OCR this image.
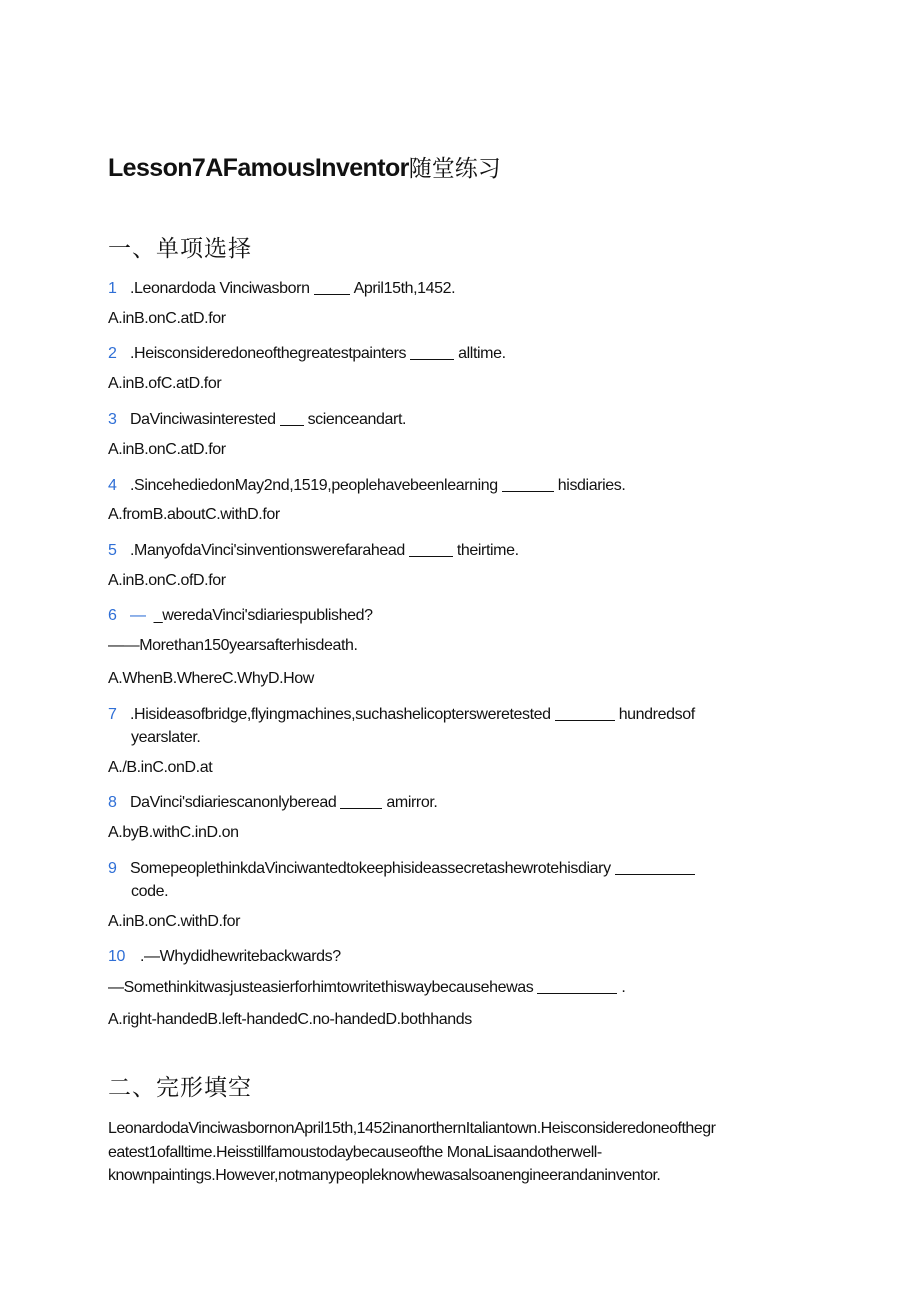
Lesson7AFamousInventor随堂练习
一、单项选择
1 .Leonardoda Vinciwasborn	April15th,1452.
A.inB.onC.atD.for
2 .Heisconsideredoneofthegreatestpainters	alltime.
A.inB.ofC.atD.for
3 DaVinciwasinterested scienceandart.
A.inB.onC.atD.for
4 .SincehediedonMay2nd,1519,peoplehavebeenlearning	hisdiaries.
A.fromB.aboutC.withD.for
5 .ManyofdaVinci'sinventionswerefarahead	theirtime.
A.inB.onC.ofD.for
6 — _weredaVinci'sdiariespublished?
——Morethan150yearsafterhisdeath.
A.WhenB.WhereC.WhyD.How
7 .Hisideasofbridge,flyingmachines,suchashelicoptersweretested	hundredsof
yearslater.
A./B.inC.onD.at
8 DaVinci'sdiariescanonlyberead	amirror.
A.byB.withC.inD.on
9 SomepeoplethinkdaVinciwantedtokeephisideassecretashewrotehisdiary
code.
A.inB.onC.withD.for
10 .—Whydidhewritebackwards?
—Somethinkitwasjusteasierforhimtowritethiswaybecausehewas	.
A.right-handedB.left-handedC.no-handedD.bothhands
二、完形填空
LeonardodaVinciwasbornonApril15th,1452inanorthernItaliantown.Heisconsideredoneofthegr
eatest1ofalltime.Heisstillfamoustodaybecauseofthe MonaLisaandotherwell-
knownpaintings.However,notmanypeopleknowhewasalsoanengineerandaninventor.
